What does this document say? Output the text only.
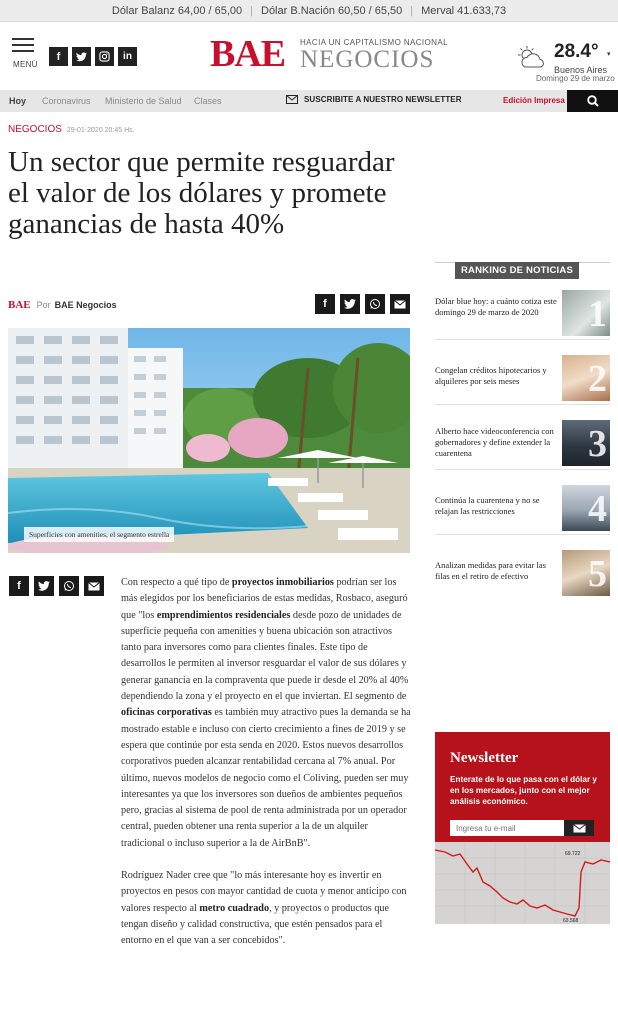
Dólar Balanz 64,00 / 65,00 | Dólar B.Nación 60,50 / 65,50 | Merval 41.633,73
MENÚ
f	in BAE HACIA UN CAPITALISMO NACIONAL
NEGOCIOS	28.4° ▾
Buenos Aires
Domingo 29 de marzo
Hoy Coronavirus Ministerio de Salud Clases	SUSCRIBITE A NUESTRO NEWSLETTER	Edición Impresa
NEGOCIOS 29-01-2020 20:45 Hs.
Un sector que permite resguardar el valor de los dólares y promete ganancias de hasta 40%
BAE Por BAE Negocios	f
Superficies con amenities, el segmento estrella
f	Con respecto a qué tipo de proyectos inmobiliarios podrían ser los más elegidos por los beneficiarios de estas medidas, Rosbaco, aseguró que "los emprendimientos residenciales desde pozo de unidades de superficie pequeña con amenities y buena ubicación son atractivos tanto para inversores como para clientes finales. Este tipo de desarrollos le permiten al inversor resguardar el valor de sus dólares y generar ganancia en la compraventa que puede ir desde el 20% al 40% dependiendo la zona y el proyecto en el que inviertan. El segmento de oficinas corporativas es también muy atractivo pues la demanda se ha mostrado estable e incluso con cierto crecimiento a fines de 2019 y se espera que continúe por esta senda en 2020. Estos nuevos desarrollos corporativos pueden alcanzar rentabilidad cercana al 7% anual. Por último, nuevos modelos de negocio como el Coliving, pueden ser muy interesantes ya que los inversores son dueños de ambientes pequeños pero, gracias al sistema de pool de renta administrada por un operador central, pueden obtener una renta superior a la de un alquiler tradicional o incluso superior a la de AirBnB".

Rodríguez Nader cree que "lo más interesante hoy es invertir en proyectos en pesos con mayor cantidad de cuota y menor anticipo con valores respecto al metro cuadrado, y proyectos o productos que tengan diseño y calidad constructiva, que estén pensados para el entorno en el que van a ser concebidos".

RANKING DE NOTICIAS
Dólar blue hoy: a cuánto cotiza este domingo 29 de marzo de 2020	1
Congelan créditos hipotecarios y alquileres por seis meses	2
Alberto hace videoconferencia con gobernadores y define extender la cuarentena	3
Continúa la cuarentena y no se relajan las restricciones	4
Analizan medidas para evitar las filas en el retiro de efectivo	5
Newsletter
Enterate de lo que pasa con el dólar y en los mercados, junto con el mejor análisis económico.
Ingresa tu e-mail
69.722
63.568
